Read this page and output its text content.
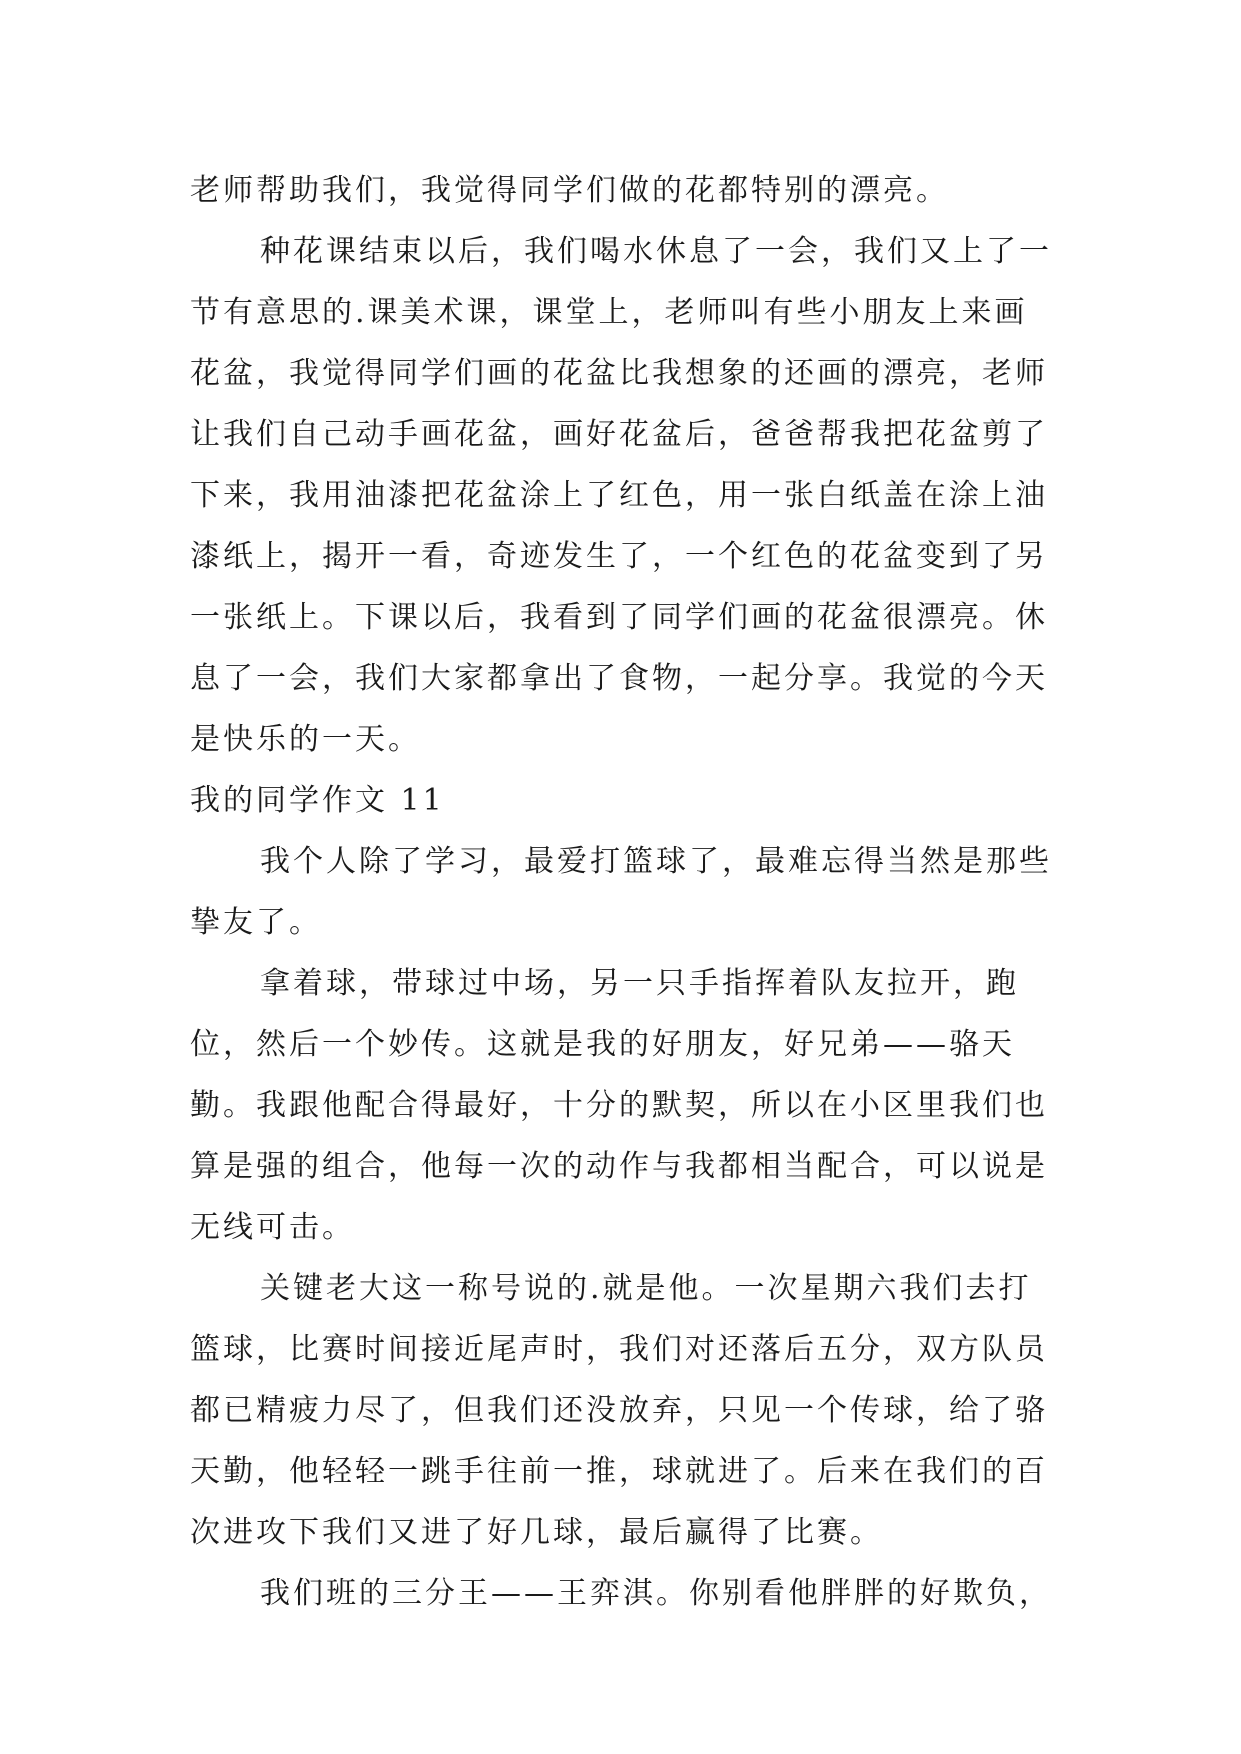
老师帮助我们，我觉得同学们做的花都特别的漂亮。

种花课结束以后，我们喝水休息了一会，我们又上了一节有意思的.课美术课，课堂上，老师叫有些小朋友上来画花盆，我觉得同学们画的花盆比我想象的还画的漂亮，老师让我们自己动手画花盆，画好花盆后，爸爸帮我把花盆剪了下来，我用油漆把花盆涂上了红色，用一张白纸盖在涂上油漆纸上，揭开一看，奇迹发生了，一个红色的花盆变到了另一张纸上。下课以后，我看到了同学们画的花盆很漂亮。休息了一会，我们大家都拿出了食物，一起分享。我觉的今天是快乐的一天。

我的同学作文 11

我个人除了学习，最爱打篮球了，最难忘得当然是那些挚友了。

拿着球，带球过中场，另一只手指挥着队友拉开，跑位，然后一个妙传。这就是我的好朋友，好兄弟——骆天勤。我跟他配合得最好，十分的默契，所以在小区里我们也算是强的组合，他每一次的动作与我都相当配合，可以说是无线可击。

关键老大这一称号说的.就是他。一次星期六我们去打篮球，比赛时间接近尾声时，我们对还落后五分，双方队员都已精疲力尽了，但我们还没放弃，只见一个传球，给了骆天勤，他轻轻一跳手往前一推，球就进了。后来在我们的百次进攻下我们又进了好几球，最后赢得了比赛。

我们班的三分王——王弈淇。你别看他胖胖的好欺负，
